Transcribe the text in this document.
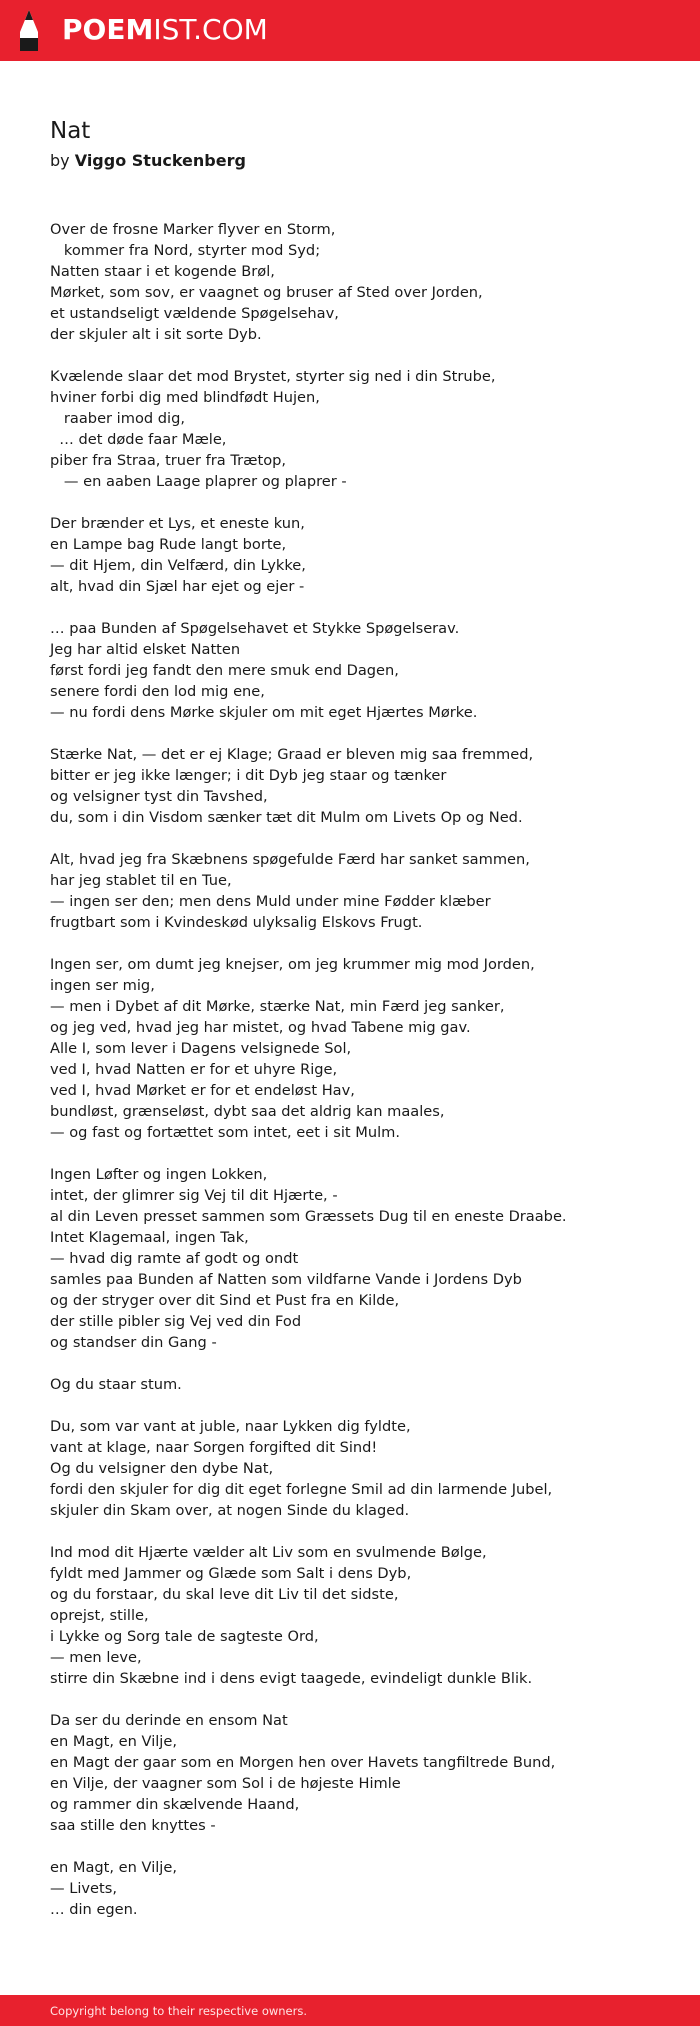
POEMIST.COM
Nat
by Viggo Stuckenberg
Over de frosne Marker flyver en Storm,
kommer fra Nord, styrter mod Syd;
Natten staar i et kogende Brøl,
Mørket, som sov, er vaagnet og bruser af Sted over Jorden,
et ustandseligt vældende Spøgelsehav,
der skjuler alt i sit sorte Dyb.
Kvælende slaar det mod Brystet, styrter sig ned i din Strube,
hviner forbi dig med blindfødt Hujen,
raaber imod dig,
… det døde faar Mæle,
piber fra Straa, truer fra Trætop,
— en aaben Laage plaprer og plaprer -
Der brænder et Lys, et eneste kun,
en Lampe bag Rude langt borte,
— dit Hjem, din Velfærd, din Lykke,
alt, hvad din Sjæl har ejet og ejer -
… paa Bunden af Spøgelsehavet et Stykke Spøgelserav.
Jeg har altid elsket Natten
først fordi jeg fandt den mere smuk end Dagen,
senere fordi den lod mig ene,
— nu fordi dens Mørke skjuler om mit eget Hjærtes Mørke.
Stærke Nat, — det er ej Klage; Graad er bleven mig saa fremmed,
bitter er jeg ikke længer; i dit Dyb jeg staar og tænker
og velsigner tyst din Tavshed,
du, som i din Visdom sænker tæt dit Mulm om Livets Op og Ned.
Alt, hvad jeg fra Skæbnens spøgefulde Færd har sanket sammen,
har jeg stablet til en Tue,
— ingen ser den; men dens Muld under mine Fødder klæber
frugtbart som i Kvindeskød ulyksalig Elskovs Frugt.
Ingen ser, om dumt jeg knejser, om jeg krummer mig mod Jorden,
ingen ser mig,
— men i Dybet af dit Mørke, stærke Nat, min Færd jeg sanker,
og jeg ved, hvad jeg har mistet, og hvad Tabene mig gav.
Alle I, som lever i Dagens velsignede Sol,
ved I, hvad Natten er for et uhyre Rige,
ved I, hvad Mørket er for et endeløst Hav,
bundløst, grænseløst, dybt saa det aldrig kan maales,
— og fast og fortættet som intet, eet i sit Mulm.
Ingen Løfter og ingen Lokken,
intet, der glimrer sig Vej til dit Hjærte, -
al din Leven presset sammen som Græssets Dug til en eneste Draabe.
Intet Klagemaal, ingen Tak,
— hvad dig ramte af godt og ondt
samles paa Bunden af Natten som vildfarne Vande i Jordens Dyb
og der stryger over dit Sind et Pust fra en Kilde,
der stille pibler sig Vej ved din Fod
og standser din Gang -
Og du staar stum.
Du, som var vant at juble, naar Lykken dig fyldte,
vant at klage, naar Sorgen forgifted dit Sind!
Og du velsigner den dybe Nat,
fordi den skjuler for dig dit eget forlegne Smil ad din larmende Jubel,
skjuler din Skam over, at nogen Sinde du klaged.
Ind mod dit Hjærte vælder alt Liv som en svulmende Bølge,
fyldt med Jammer og Glæde som Salt i dens Dyb,
og du forstaar, du skal leve dit Liv til det sidste,
oprejst, stille,
i Lykke og Sorg tale de sagteste Ord,
— men leve,
stirre din Skæbne ind i dens evigt taagede, evindeligt dunkle Blik.
Da ser du derinde en ensom Nat
en Magt, en Vilje,
en Magt der gaar som en Morgen hen over Havets tangfiltrede Bund,
en Vilje, der vaagner som Sol i de højeste Himle
og rammer din skælvende Haand,
saa stille den knyttes -
en Magt, en Vilje,
— Livets,
… din egen.
Copyright belong to their respective owners.
